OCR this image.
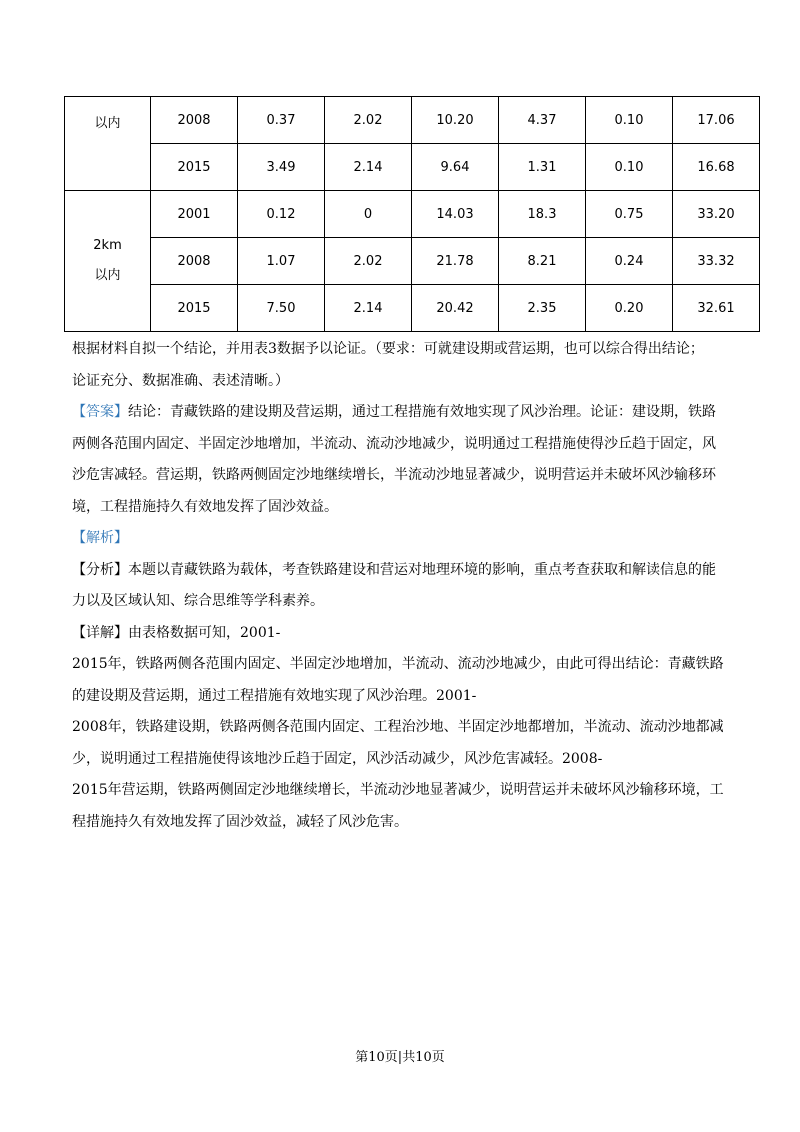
以内	2008	0.37	2.02	10.20	4.37	0.10	17.06
	2015	3.49	2.14	9.64	1.31	0.10	16.68

2km
以内	2001	0.12	0	14.03	18.3	0.75	33.20
	2008	1.07	2.02	21.78	8.21	0.24	33.32
	2015	7.50	2.14	20.42	2.35	0.20	32.61
根据材料自拟一个结论，并用表3数据予以论证。（要求：可就建设期或营运期，也可以综合得出结论；
论证充分、数据准确、表述清晰。）
【答案】结论：青藏铁路的建设期及营运期，通过工程措施有效地实现了风沙治理。论证：建设期，铁路
两侧各范围内固定、半固定沙地增加，半流动、流动沙地减少，说明通过工程措施使得沙丘趋于固定，风
沙危害减轻。营运期，铁路两侧固定沙地继续增长，半流动沙地显著减少，说明营运并未破坏风沙输移环
境，工程措施持久有效地发挥了固沙效益。
【解析】
【分析】本题以青藏铁路为载体，考查铁路建设和营运对地理环境的影响，重点考查获取和解读信息的能
力以及区域认知、综合思维等学科素养。
【详解】由表格数据可知，2001-
2015年，铁路两侧各范围内固定、半固定沙地增加，半流动、流动沙地减少，由此可得出结论：青藏铁路
的建设期及营运期，通过工程措施有效地实现了风沙治理。2001-
2008年，铁路建设期，铁路两侧各范围内固定、工程治沙地、半固定沙地都增加，半流动、流动沙地都减
少，说明通过工程措施使得该地沙丘趋于固定，风沙活动减少，风沙危害减轻。2008-
2015年营运期，铁路两侧固定沙地继续增长，半流动沙地显著减少，说明营运并未破坏风沙输移环境，工
程措施持久有效地发挥了固沙效益，减轻了风沙危害。
第10页|共10页
